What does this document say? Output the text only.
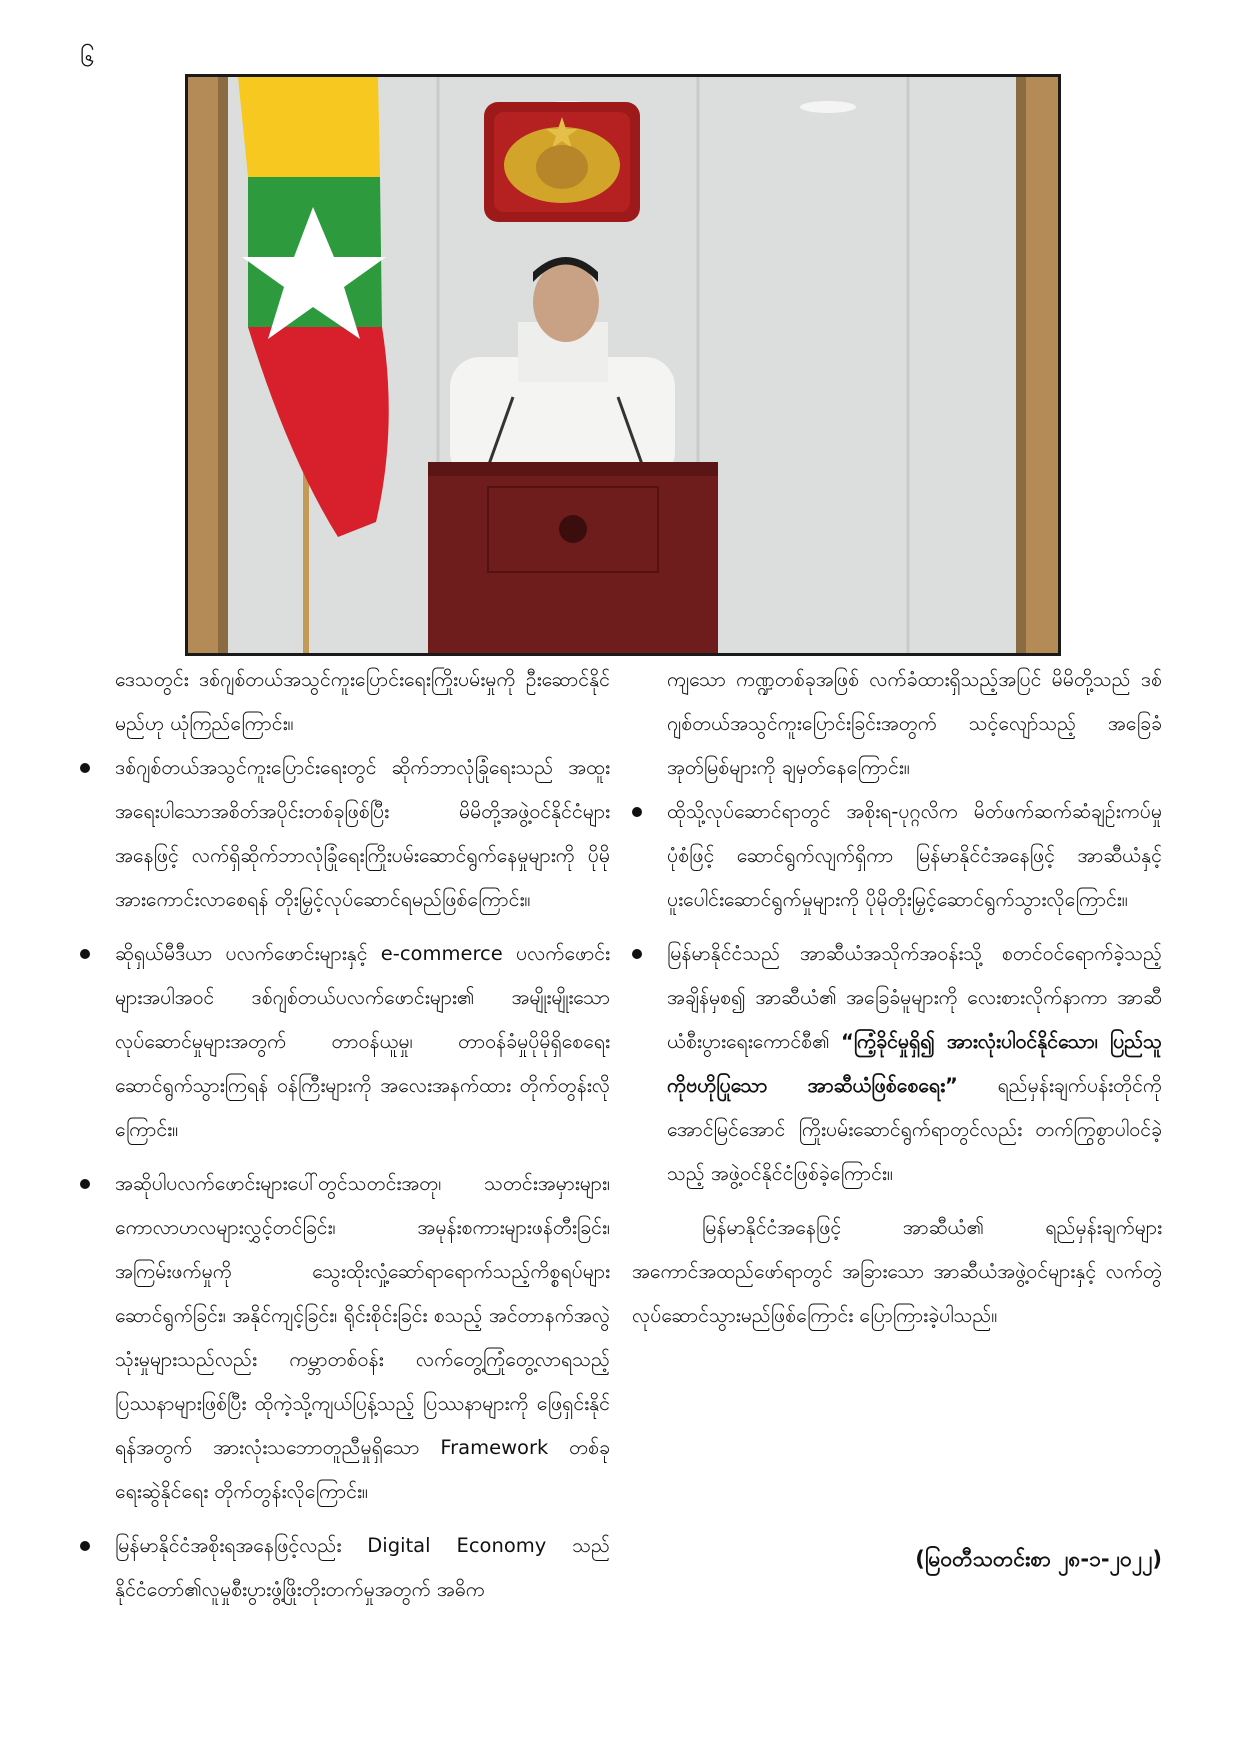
၆

ဒေသတွင်း ဒစ်ဂျစ်တယ်အသွင်ကူးပြောင်းရေးကြိုးပမ်းမှုကို ဦးဆောင်နိုင်မည်ဟု ယုံကြည်ကြောင်း။

ဒစ်ဂျစ်တယ်အသွင်ကူးပြောင်းရေးတွင် ဆိုက်ဘာလုံခြုံရေးသည် အထူးအရေးပါသောအစိတ်အပိုင်းတစ်ခုဖြစ်ပြီး မိမိတို့အဖွဲ့ဝင်နိုင်ငံများအနေဖြင့် လက်ရှိဆိုက်ဘာလုံခြုံရေးကြိုးပမ်းဆောင်ရွက်နေမှုများကို ပိုမိုအားကောင်းလာစေရန် တိုးမြှင့်လုပ်ဆောင်ရမည်ဖြစ်ကြောင်း။
ဆိုရှယ်မီဒီယာ ပလက်ဖောင်းများနှင့် e-commerce ပလက်ဖောင်းများအပါအဝင် ဒစ်ဂျစ်တယ်ပလက်ဖောင်းများ၏ အမျိုးမျိုးသော လုပ်ဆောင်မှုများအတွက် တာဝန်ယူမှု၊ တာဝန်ခံမှုပိုမိုရှိစေရေး ဆောင်ရွက်သွားကြရန် ဝန်ကြီးများကို အလေးအနက်ထား တိုက်တွန်းလိုကြောင်း။
အဆိုပါပလက်ဖောင်းများပေါ်တွင်သတင်းအတု၊ သတင်းအမှားများ၊ ကောလာဟလများလွှင့်တင်ခြင်း၊ အမုန်းစကားများဖန်တီးခြင်း၊ အကြမ်းဖက်မှုကို သွေးထိုးလှုံ့ဆော်ရာရောက်သည့်ကိစ္စရပ်များ ဆောင်ရွက်ခြင်း၊ အနိုင်ကျင့်ခြင်း၊ ရိုင်းစိုင်းခြင်း စသည့် အင်တာနက်အလွဲသုံးမှုများသည်လည်း ကမ္ဘာတစ်ဝန်း လက်တွေ့ကြုံတွေ့လာရသည့် ပြဿနာများဖြစ်ပြီး ထိုကဲ့သို့ကျယ်ပြန့်သည့် ပြဿနာများကို ဖြေရှင်းနိုင်ရန်အတွက် အားလုံးသဘောတူညီမှုရှိသော Framework တစ်ခုရေးဆွဲနိုင်ရေး တိုက်တွန်းလိုကြောင်း။
မြန်မာနိုင်ငံအစိုးရအနေဖြင့်လည်း Digital Economy သည် နိုင်ငံတော်၏လူမှုစီးပွားဖွံ့ဖြိုးတိုးတက်မှုအတွက် အဓိက

ကျသော ကဏ္ဍတစ်ခုအဖြစ် လက်ခံထားရှိသည့်အပြင် မိမိတို့သည် ဒစ်ဂျစ်တယ်အသွင်ကူးပြောင်းခြင်းအတွက် သင့်လျော်သည့် အခြေခံအုတ်မြစ်များကို ချမှတ်နေကြောင်း။

ထိုသို့လုပ်ဆောင်ရာတွင် အစိုးရ-ပုဂ္ဂလိက မိတ်ဖက်ဆက်ဆံချဉ်းကပ်မှုပုံစံဖြင့် ဆောင်ရွက်လျက်ရှိကာ မြန်မာနိုင်ငံအနေဖြင့် အာဆီယံနှင့် ပူးပေါင်းဆောင်ရွက်မှုများကို ပိုမိုတိုးမြှင့်ဆောင်ရွက်သွားလိုကြောင်း။
မြန်မာနိုင်ငံသည် အာဆီယံအသိုက်အဝန်းသို့ စတင်ဝင်ရောက်ခဲ့သည့်အချိန်မှစ၍ အာဆီယံ၏ အခြေခံမူများကို လေးစားလိုက်နာကာ အာဆီယံစီးပွားရေးကောင်စီ၏ “ကြံ့ခိုင်မှုရှိ၍ အားလုံးပါဝင်နိုင်သော၊ ပြည်သူကိုဗဟိုပြုသော အာဆီယံဖြစ်စေရေး” ရည်မှန်းချက်ပန်းတိုင်ကို အောင်မြင်အောင် ကြိုးပမ်းဆောင်ရွက်ရာတွင်လည်း တက်ကြွစွာပါဝင်ခဲ့သည့် အဖွဲ့ဝင်နိုင်ငံဖြစ်ခဲ့ကြောင်း။

မြန်မာနိုင်ငံအနေဖြင့် အာဆီယံ၏ ရည်မှန်းချက်များအကောင်အထည်ဖော်ရာတွင် အခြားသော အာဆီယံအဖွဲ့ဝင်များနှင့် လက်တွဲလုပ်ဆောင်သွားမည်ဖြစ်ကြောင်း ပြောကြားခဲ့ပါသည်။

(မြဝတီသတင်းစာ ၂၈-၁-၂၀၂၂)
